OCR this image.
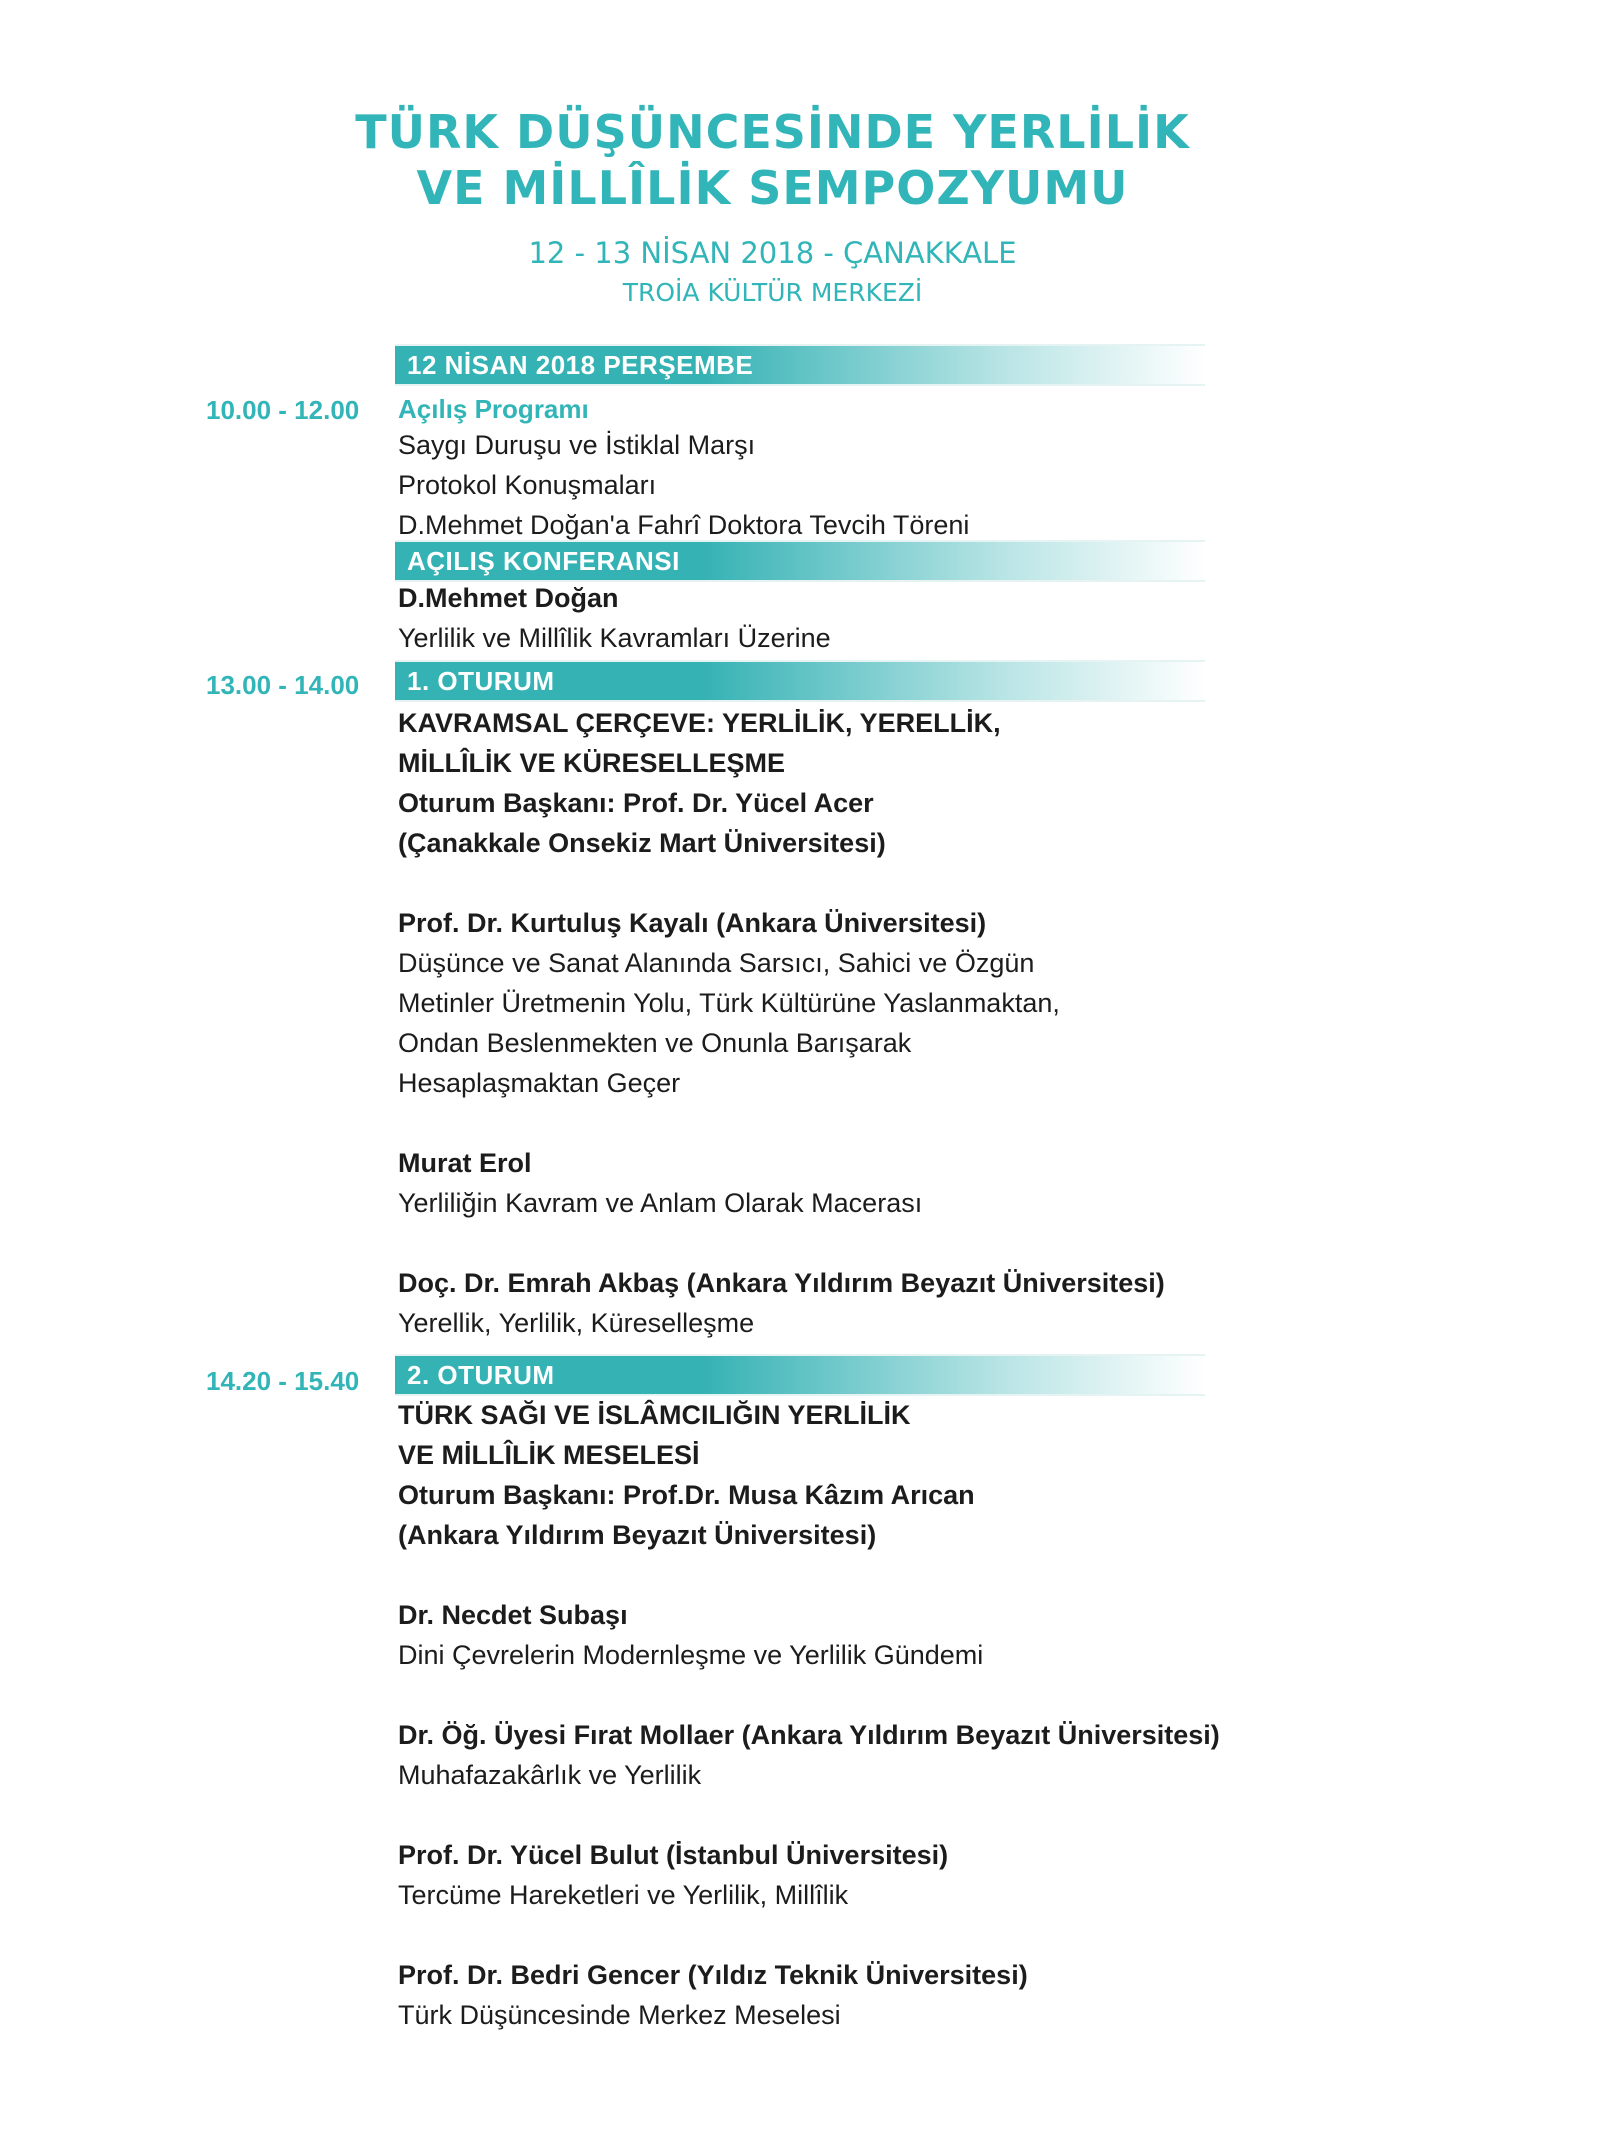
TÜRK DÜŞÜNCESİNDE YERLİLİK
VE MİLLÎLİK SEMPOZYUMU
12 - 13 NİSAN 2018 - ÇANAKKALE
TROİA KÜLTÜR MERKEZİ
12 NİSAN 2018 PERŞEMBE
10.00 - 12.00	Açılış Programı
Saygı Duruşu ve İstiklal Marşı
Protokol Konuşmaları
D.Mehmet Doğan'a Fahrî Doktora Tevcih Töreni
AÇILIŞ KONFERANSI
D.Mehmet Doğan
Yerlilik ve Millîlik Kavramları Üzerine
13.00 - 14.00	1. OTURUM
KAVRAMSAL ÇERÇEVE: YERLİLİK, YERELLİK,
MİLLÎLİK VE KÜRESELLEŞME
Oturum Başkanı: Prof. Dr. Yücel Acer
(Çanakkale Onsekiz Mart Üniversitesi)
Prof. Dr. Kurtuluş Kayalı (Ankara Üniversitesi)
Düşünce ve Sanat Alanında Sarsıcı, Sahici ve Özgün
Metinler Üretmenin Yolu, Türk Kültürüne Yaslanmaktan,
Ondan Beslenmekten ve Onunla Barışarak
Hesaplaşmaktan Geçer
Murat Erol
Yerliliğin Kavram ve Anlam Olarak Macerası
Doç. Dr. Emrah Akbaş (Ankara Yıldırım Beyazıt Üniversitesi)
Yerellik, Yerlilik, Küreselleşme
14.20 - 15.40	2. OTURUM
TÜRK SAĞI VE İSLÂMCILIĞIN YERLİLİK
VE MİLLÎLİK MESELESİ
Oturum Başkanı: Prof.Dr. Musa Kâzım Arıcan
(Ankara Yıldırım Beyazıt Üniversitesi)
Dr. Necdet Subaşı
Dini Çevrelerin Modernleşme ve Yerlilik Gündemi
Dr. Öğ. Üyesi Fırat Mollaer (Ankara Yıldırım Beyazıt Üniversitesi)
Muhafazakârlık ve Yerlilik
Prof. Dr. Yücel Bulut (İstanbul Üniversitesi)
Tercüme Hareketleri ve Yerlilik, Millîlik
Prof. Dr. Bedri Gencer (Yıldız Teknik Üniversitesi)
Türk Düşüncesinde Merkez Meselesi
